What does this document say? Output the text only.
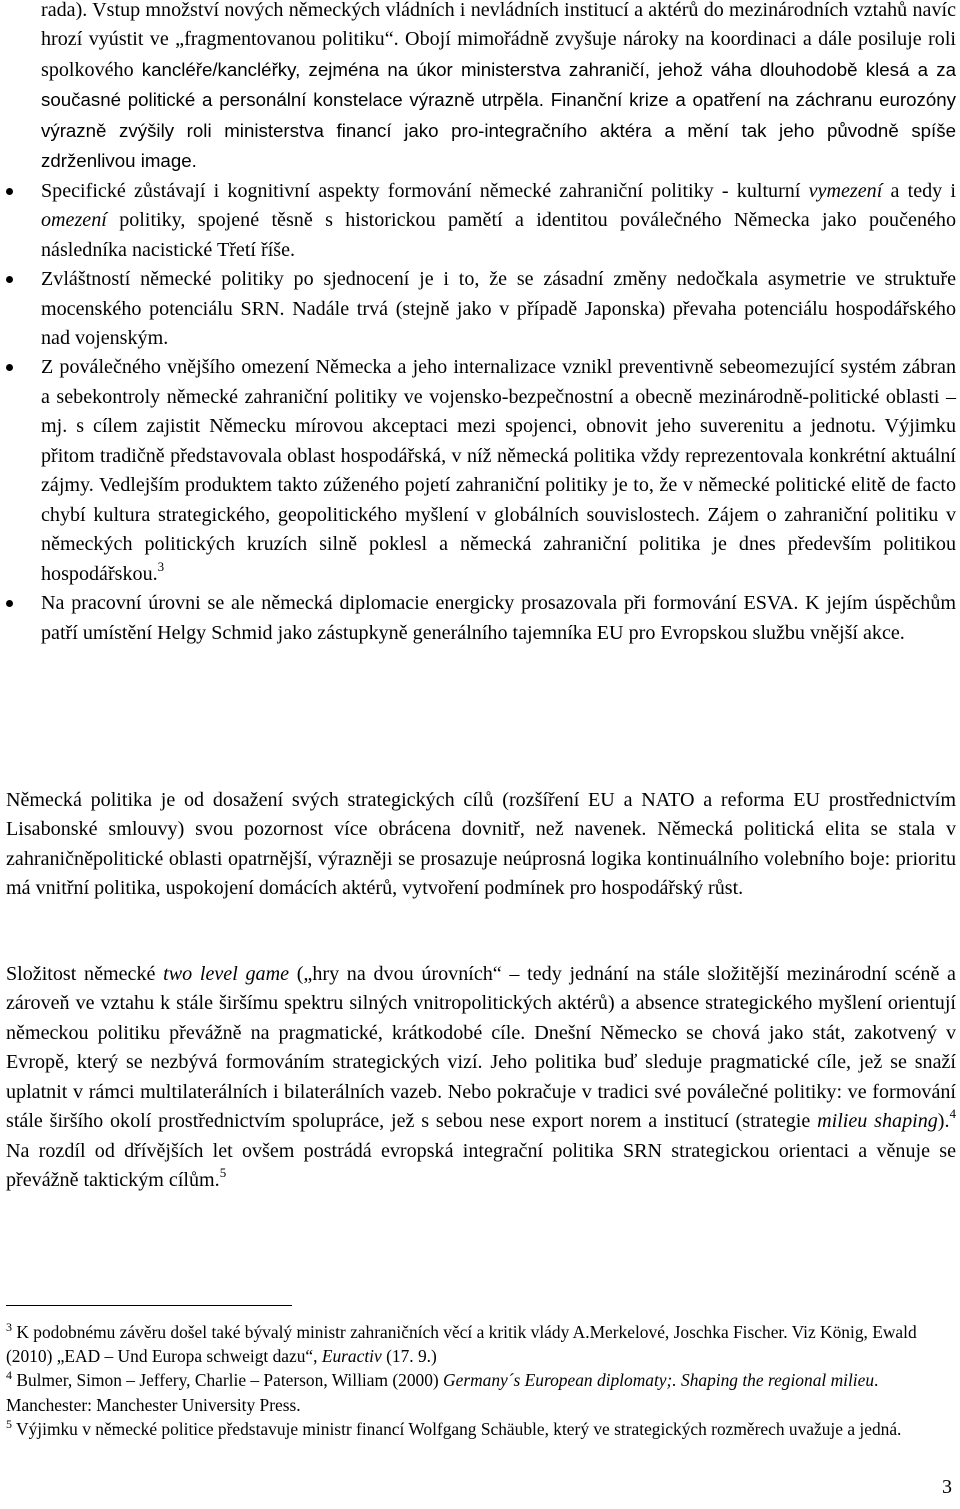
rada). Vstup množství nových německých vládních i nevládních institucí a aktérů do mezinárodních vztahů navíc hrozí vyústit ve „fragmentovanou politiku“. Obojí mimořádně zvyšuje nároky na koordinaci a dále posiluje roli spolkového kancléře/kancléřky, zejména na úkor ministerstva zahraničí, jehož váha dlouhodobě klesá a za současné politické a personální konstelace výrazně utrpěla. Finanční krize a opatření na záchranu eurozóny výrazně zvýšily roli ministerstva financí jako pro-integračního aktéra a mění tak jeho původně spíše zdrženlivou image.
Specifické zůstávají i kognitivní aspekty formování německé zahraniční politiky - kulturní vymezení a tedy i omezení politiky, spojené těsně s historickou pamětí a identitou poválečného Německa jako poučeného následníka nacistické Třetí říše.
Zvláštností německé politiky po sjednocení je i to, že se zásadní změny nedočkala asymetrie ve struktuře mocenského potenciálu SRN. Nadále trvá (stejně jako v případě Japonska) převaha potenciálu hospodářského nad vojenským.
Z poválečného vnějšího omezení Německa a jeho internalizace vznikl preventivně sebeomezující systém zábran a sebekontroly německé zahraniční politiky ve vojensko-bezpečnostní a obecně mezinárodně-politické oblasti – mj. s cílem zajistit Německu mírovou akceptaci mezi spojenci, obnovit jeho suverenitu a jednotu. Výjimku přitom tradičně představovala oblast hospodářská, v níž německá politika vždy reprezentovala konkrétní aktuální zájmy. Vedlejším produktem takto zúženého pojetí zahraniční politiky je to, že v německé politické elitě de facto chybí kultura strategického, geopolitického myšlení v globálních souvislostech. Zájem o zahraniční politiku v německých politických kruzích silně poklesl a německá zahraniční politika je dnes především politikou hospodářskou.$^3$
Na pracovní úrovni se ale německá diplomacie energicky prosazovala při formování ESVA. K jejím úspěchům patří umístění Helgy Schmid jako zástupkyně generálního tajemníka EU pro Evropskou službu vnější akce.

Německá politika je od dosažení svých strategických cílů (rozšíření EU a NATO a reforma EU prostřednictvím Lisabonské smlouvy) svou pozornost více obrácena dovnitř, než navenek. Německá politická elita se stala v zahraničněpolitické oblasti opatrnější, výrazněji se prosazuje neúprosná logika kontinuálního volebního boje: prioritu má vnitřní politika, uspokojení domácích aktérů, vytvoření podmínek pro hospodářský růst.

Složitost německé two level game („hry na dvou úrovních“ – tedy jednání na stále složitější mezinárodní scéně a zároveň ve vztahu k stále širšímu spektru silných vnitropolitických aktérů) a absence strategického myšlení orientují německou politiku převážně na pragmatické, krátkodobé cíle. Dnešní Německo se chová jako stát, zakotvený v Evropě, který se nezbývá formováním strategických vizí. Jeho politika buď sleduje pragmatické cíle, jež se snaží uplatnit v rámci multilaterálních i bilaterálních vazeb. Nebo pokračuje v tradici své poválečné politiky: ve formování stále širšího okolí prostřednictvím spolupráce, jež s sebou nese export norem a institucí (strategie milieu shaping).$^4$ Na rozdíl od dřívějších let ovšem postrádá evropská integrační politika SRN strategickou orientaci a věnuje se převážně taktickým cílům.$^5$

$^3$ K podobnému závěru došel také bývalý ministr zahraničních věcí a kritik vlády A.Merkelové, Joschka Fischer. Viz König, Ewald (2010) „EAD – Und Europa schweigt dazu“, Euractiv (17. 9.)

$^4$ Bulmer, Simon – Jeffery, Charlie – Paterson, William (2000) Germany´s European diplomaty;. Shaping the regional milieu. Manchester: Manchester University Press.

$^5$ Výjimku v německé politice představuje ministr financí Wolfgang Schäuble, který ve strategických rozměrech uvažuje a jedná.

3
